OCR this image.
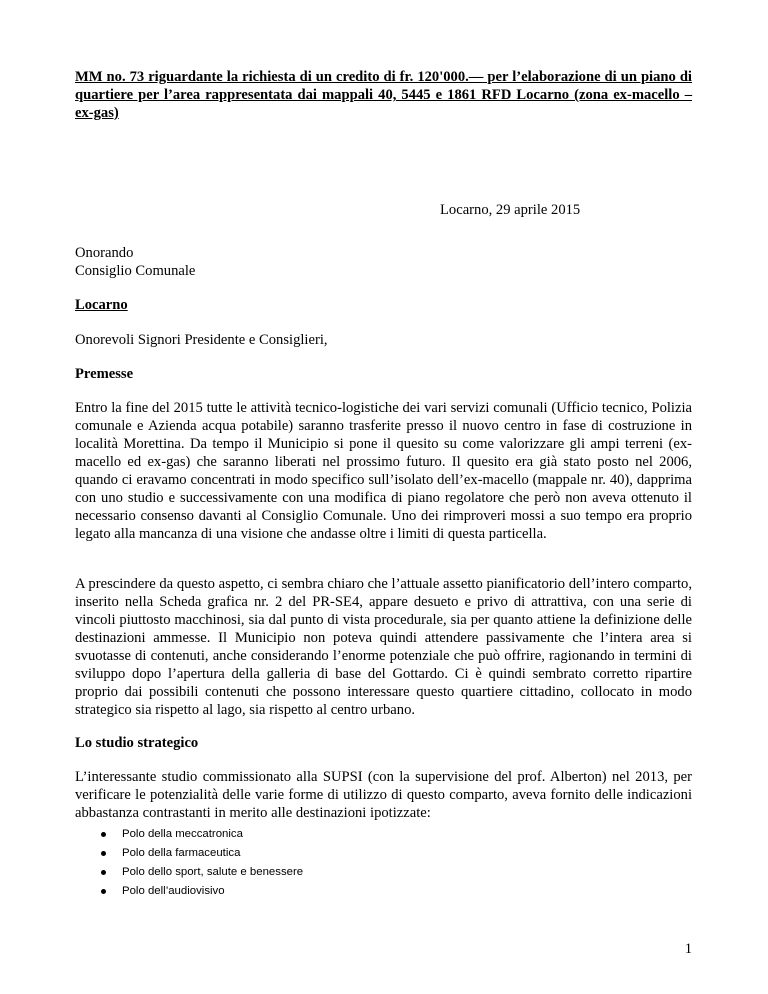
MM no. 73 riguardante la richiesta di un credito di fr. 120'000.— per l’elaborazione di un piano di quartiere per l’area rappresentata dai mappali 40, 5445 e 1861 RFD Locarno (zona ex-macello – ex-gas)
Locarno, 29 aprile 2015
Onorando
Consiglio Comunale
Locarno
Onorevoli Signori Presidente e Consiglieri,
Premesse
Entro la fine del 2015 tutte le attività tecnico-logistiche dei vari servizi comunali (Ufficio tecnico, Polizia comunale e Azienda acqua potabile) saranno trasferite presso il nuovo centro in fase di costruzione in località Morettina. Da tempo il Municipio si pone il quesito su come valorizzare gli ampi terreni (ex-macello ed ex-gas) che saranno liberati nel prossimo futuro. Il quesito era già stato posto nel 2006, quando ci eravamo concentrati in modo specifico sull’isolato dell’ex-macello (mappale nr. 40), dapprima con uno studio e successivamente con una modifica di piano regolatore che però non aveva ottenuto il necessario consenso davanti al Consiglio Comunale. Uno dei rimproveri mossi a suo tempo era proprio legato alla mancanza di una visione che andasse oltre i limiti di questa particella.
A prescindere da questo aspetto, ci sembra chiaro che l’attuale assetto pianificatorio dell’intero comparto, inserito nella Scheda grafica nr. 2 del PR-SE4, appare desueto e privo di attrattiva, con una serie di vincoli piuttosto macchinosi, sia dal punto di vista procedurale, sia per quanto attiene la definizione delle destinazioni ammesse. Il Municipio non poteva quindi attendere passivamente che l’intera area si svuotasse di contenuti, anche considerando l’enorme potenziale che può offrire, ragionando in termini di sviluppo dopo l’apertura della galleria di base del Gottardo. Ci è quindi sembrato corretto ripartire proprio dai possibili contenuti che possono interessare questo quartiere cittadino, collocato in modo strategico sia rispetto al lago, sia rispetto al centro urbano.
Lo studio strategico
L’interessante studio commissionato alla SUPSI (con la supervisione del prof. Alberton) nel 2013, per verificare le potenzialità delle varie forme di utilizzo di questo comparto, aveva fornito delle indicazioni abbastanza contrastanti in merito alle destinazioni ipotizzate:
Polo della meccatronica
Polo della farmaceutica
Polo dello sport, salute e benessere
Polo dell’audiovisivo
1
